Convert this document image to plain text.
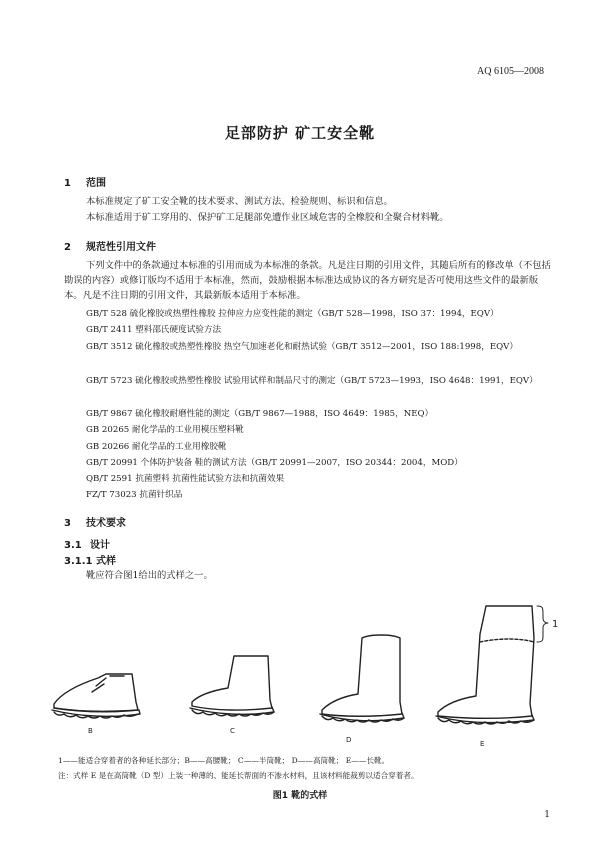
AQ 6105—2008
足部防护 矿工安全靴
1 范围
本标准规定了矿工安全靴的技术要求、测试方法、检验规则、标识和信息。
本标准适用于矿工穿用的、保护矿工足腿部免遭作业区域危害的全橡胶和全聚合材料靴。
2 规范性引用文件
下列文件中的条款通过本标准的引用而成为本标准的条款。凡是注日期的引用文件，其随后所有的修改单（不包括勘误的内容）或修订版均不适用于本标准，然而，鼓励根据本标准达成协议的各方研究是否可使用这些文件的最新版本。凡是不注日期的引用文件，其最新版本适用于本标准。
GB/T 528 硫化橡胶或热塑性橡胶 拉伸应力应变性能的测定（GB/T 528—1998，ISO 37：1994，EQV）
GB/T 2411 塑料邵氏硬度试验方法
GB/T 3512 硫化橡胶或热塑性橡胶 热空气加速老化和耐热试验（GB/T 3512—2001，ISO 188:1998，EQV）
GB/T 5723 硫化橡胶或热塑性橡胶 试验用试样和制品尺寸的测定（GB/T 5723—1993，ISO 4648：1991，EQV）
GB/T 9867 硫化橡胶耐磨性能的测定（GB/T 9867—1988，ISO 4649：1985，NEQ）
GB 20265 耐化学品的工业用模压塑料靴
GB 20266 耐化学品的工业用橡胶靴
GB/T 20991 个体防护装备 鞋的测试方法（GB/T 20991—2007，ISO 20344：2004，MOD）
QB/T 2591 抗菌塑料 抗菌性能试验方法和抗菌效果
FZ/T 73023 抗菌针织品
3 技术要求
3.1 设计
3.1.1 式样
靴应符合图1给出的式样之一。
1
B	C
D	E
1——能适合穿着者的各种延长部分；B——高腰靴； C——半筒靴； D——高筒靴； E——长靴。
注：式样 E 是在高筒靴（D 型）上装一种薄的、能延长帮面的不渗水材料，且该材料能裁剪以适合穿着者。
图1 靴的式样
1
